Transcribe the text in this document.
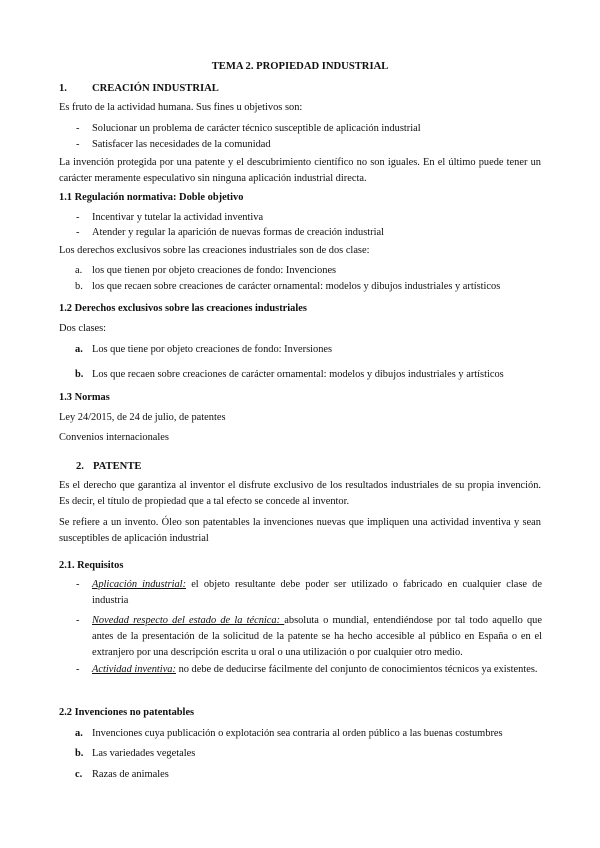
TEMA 2. PROPIEDAD INDUSTRIAL

1. CREACIÓN INDUSTRIAL

Es fruto de la actividad humana. Sus fines u objetivos son:

- Solucionar un problema de carácter técnico susceptible de aplicación industrial

- Satisfacer las necesidades de la comunidad

La invención protegida por una patente y el descubrimiento científico no son iguales. En el último puede tener un carácter meramente especulativo sin ninguna aplicación industrial directa.

1.1 Regulación normativa: Doble objetivo

- Incentivar y tutelar la actividad inventiva

- Atender y regular la aparición de nuevas formas de creación industrial

Los derechos exclusivos sobre las creaciones industriales son de dos clase:

a. los que tienen por objeto creaciones de fondo: Invenciones

b. los que recaen sobre creaciones de carácter ornamental: modelos y dibujos industriales y artísticos

1.2 Derechos exclusivos sobre las creaciones industriales

Dos clases:

a. Los que tiene por objeto creaciones de fondo: Inversiones

b. Los que recaen sobre creaciones de carácter ornamental: modelos y dibujos industriales y artísticos

1.3 Normas

Ley 24/2015, de 24 de julio, de patentes

Convenios internacionales

2. PATENTE

Es el derecho que garantiza al inventor el disfrute exclusivo de los resultados industriales de su propia invención. Es decir, el título de propiedad que a tal efecto se concede al inventor.

Se refiere a un invento. Óleo son patentables la invenciones nuevas que impliquen una actividad inventiva y sean susceptibles de aplicación industrial

2.1. Requisitos

- Aplicación industrial: el objeto resultante debe poder ser utilizado o fabricado en cualquier clase de industria

- Novedad respecto del estado de la técnica: absoluta o mundial, entendiéndose por tal todo aquello que antes de la presentación de la solicitud de la patente se ha hecho accesible al público en España o en el extranjero por una descripción escrita u oral o una utilización o por cualquier otro medio.

- Actividad inventiva: no debe de deducirse fácilmente del conjunto de conocimientos técnicos ya existentes.

2.2 Invenciones no patentables

a. Invenciones cuya publicación o explotación sea contraria al orden público a las buenas costumbres

b. Las variedades vegetales

c. Razas de animales
